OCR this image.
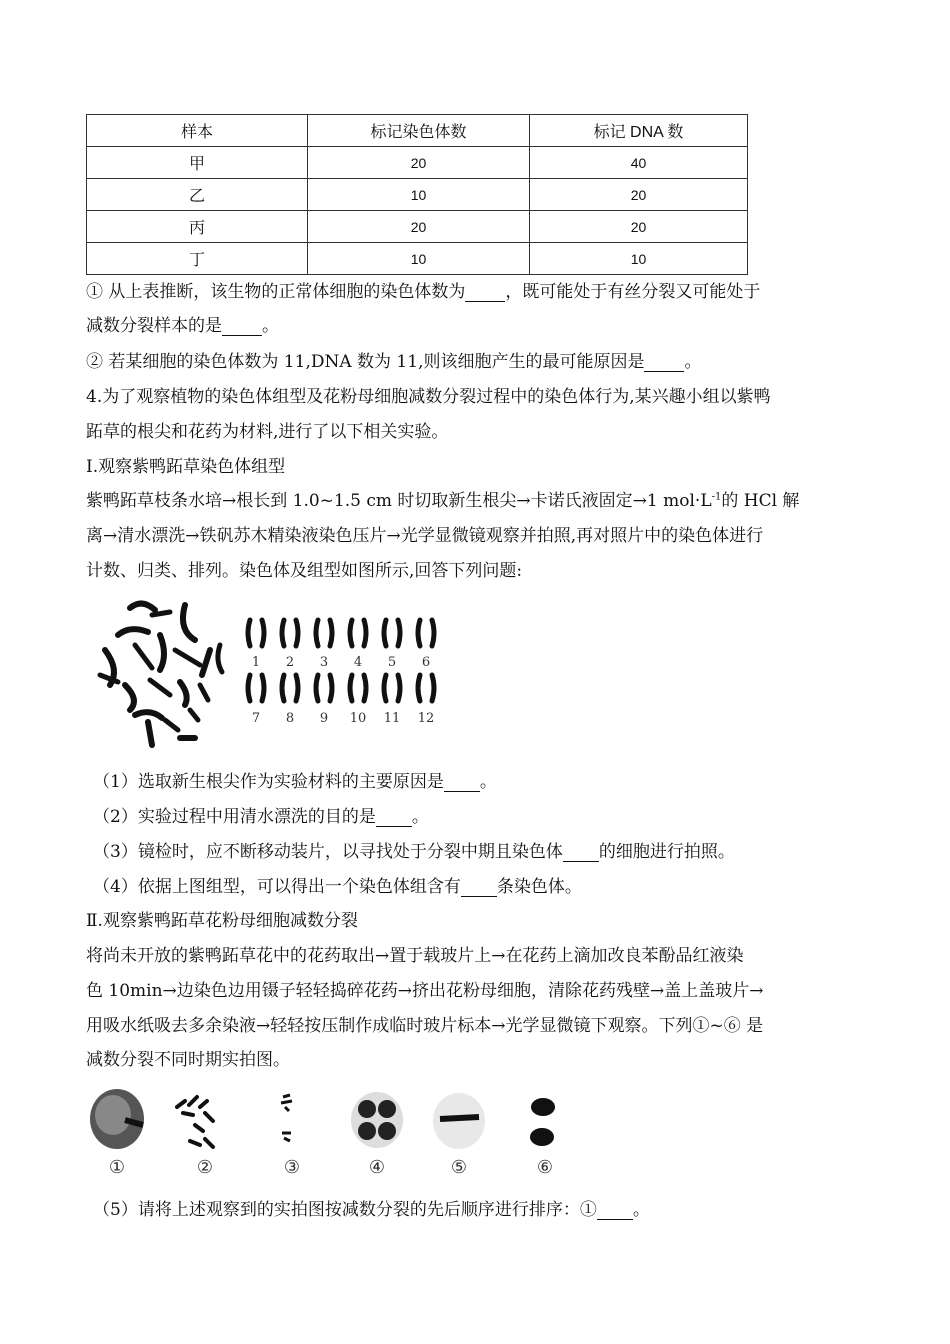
样本	标记染色体数	标记 DNA 数
甲	20	40
乙	10	20
丙	20	20
丁	10	10
① 从上表推断，该生物的正常体细胞的染色体数为 ，既可能处于有丝分裂又可能处于
减数分裂样本的是 。
② 若某细胞的染色体数为 11,DNA 数为 11,则该细胞产生的最可能原因是 。
4.为了观察植物的染色体组型及花粉母细胞减数分裂过程中的染色体行为,某兴趣小组以紫鸭
跖草的根尖和花药为材料,进行了以下相关实验。
Ⅰ.观察紫鸭跖草染色体组型
紫鸭跖草枝条水培→根长到 1.0~1.5 cm 时切取新生根尖→卡诺氏液固定→1 $mol\cdot L^{-1}$的 HCl 解
离→清水漂洗→铁矾苏木精染液染色压片→光学显微镜观察并拍照,再对照片中的染色体进行
计数、归类、排列。染色体及组型如图所示,回答下列问题:
1 2 3 4 5 6
7 8 9 10 11 12
（1）选取新生根尖作为实验材料的主要原因是 。
（2）实验过程中用清水漂洗的目的是 。
（3）镜检时，应不断移动装片，以寻找处于分裂中期且染色体 的细胞进行拍照。
（4）依据上图组型，可以得出一个染色体组含有 条染色体。
Ⅱ.观察紫鸭跖草花粉母细胞减数分裂
将尚未开放的紫鸭跖草花中的花药取出→置于载玻片上→在花药上滴加改良苯酚品红液染
色 10min→边染色边用镊子轻轻捣碎花药→挤出花粉母细胞，清除花药残壁→盖上盖玻片→
用吸水纸吸去多余染液→轻轻按压制作成临时玻片标本→光学显微镜下观察。下列①~⑥ 是
减数分裂不同时期实拍图。
①	②	③	④	⑤	⑥
（5）请将上述观察到的实拍图按减数分裂的先后顺序进行排序：① 。
